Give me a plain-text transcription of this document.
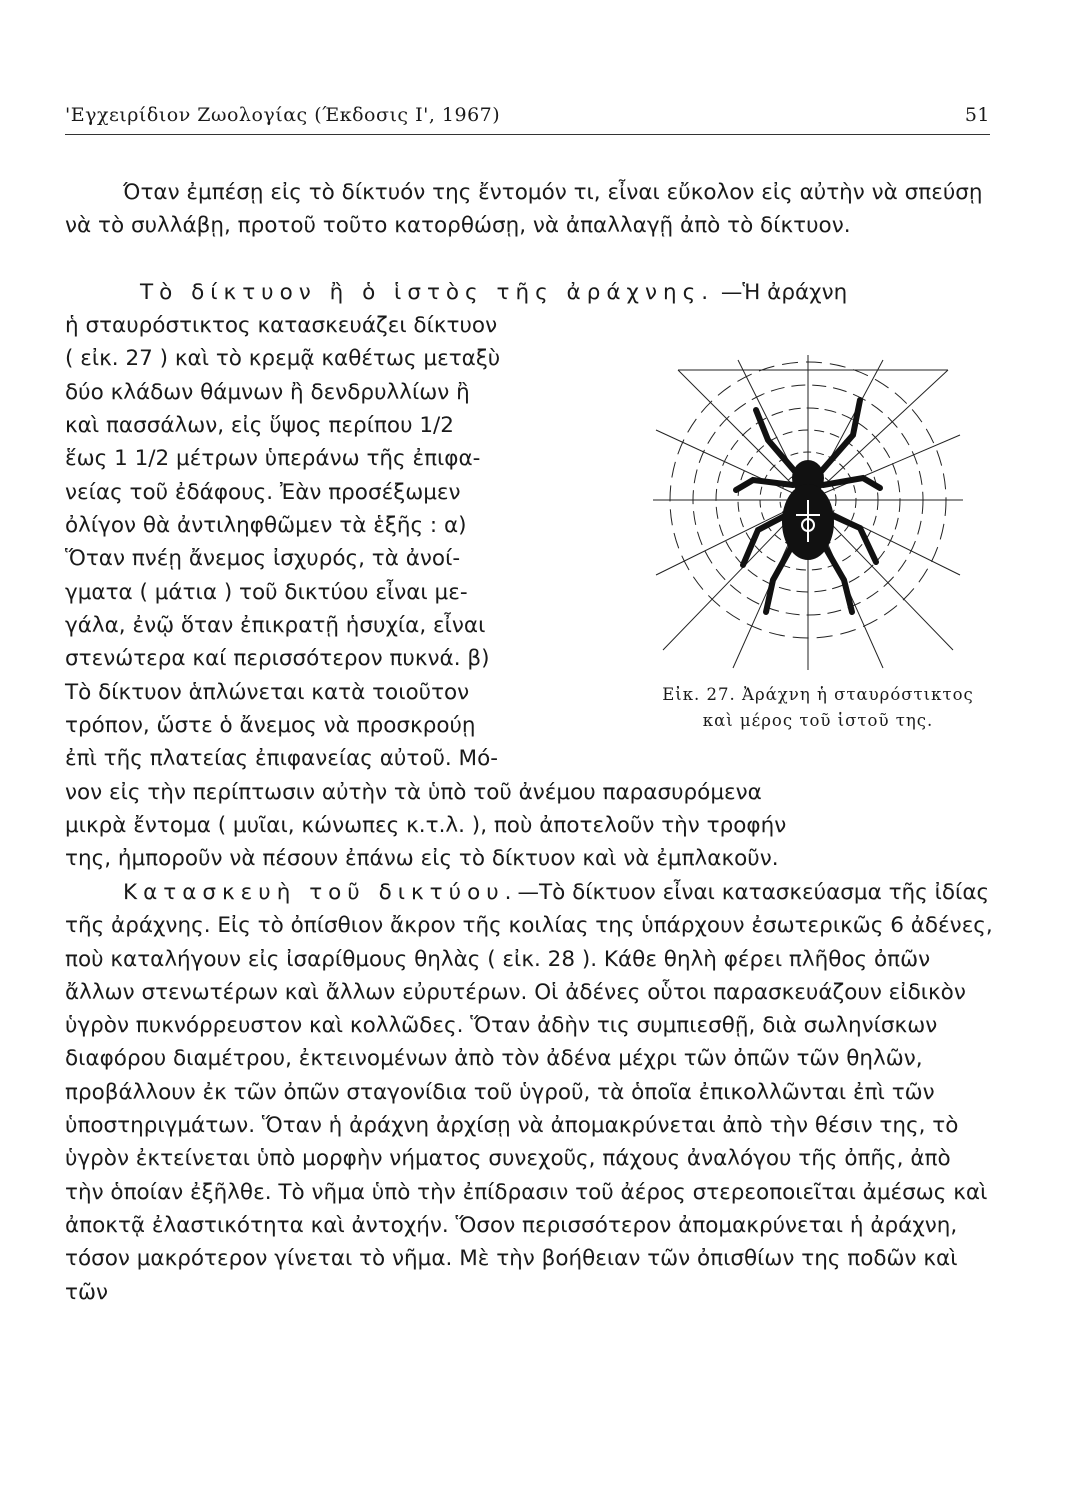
'Εγχειρίδιον Ζωολογίας (Έκδοσις Ι', 1967)	51

Όταν ἐμπέσῃ εἰς τὸ δίκτυόν της ἔντομόν τι, εἶναι εὔκολον εἰς αὐτὴν νὰ σπεύσῃ νὰ τὸ συλλάβῃ, προτοῦ τοῦτο κατορθώσῃ, νὰ ἀπαλλαγῇ ἀπὸ τὸ δίκτυον.

Τὸ δίκτυον ἢ ὁ ἱστὸς τῆς ἀράχνης. —Ἡ ἀράχνη
ἡ σταυρόστικτος κατασκευάζει δίκτυον
( εἰκ. 27 ) καὶ τὸ κρεμᾷ καθέτως μεταξὺ
δύο κλάδων θάμνων ἢ δενδρυλλίων ἢ
καὶ πασσάλων, εἰς ὕψος περίπου 1/2
ἕως 1 1/2 μέτρων ὑπεράνω τῆς ἐπιφα-
νείας τοῦ ἐδάφους. Ἐὰν προσέξωμεν
ὀλίγον θὰ ἀντιληφθῶμεν τὰ ἑξῆς : α)
Ὅταν πνέῃ ἄνεμος ἰσχυρός, τὰ ἀνοί-
γματα ( μάτια ) τοῦ δικτύου εἶναι με-
γάλα, ἐνῷ ὅταν ἐπικρατῇ ἡσυχία, εἶναι
στενώτερα καί περισσότερον πυκνά. β)
Τὸ δίκτυον ἁπλώνεται κατὰ τοιοῦτον
τρόπον, ὥστε ὁ ἄνεμος νὰ προσκρούῃ
ἐπὶ τῆς πλατείας ἐπιφανείας αὐτοῦ. Μό-
νον εἰς τὴν περίπτωσιν αὐτὴν τὰ ὑπὸ τοῦ ἀνέμου παρασυρόμενα
μικρὰ ἔντομα ( μυῖαι, κώνωπες κ.τ.λ. ), ποὺ ἀποτελοῦν τὴν τροφήν
της, ἠμποροῦν νὰ πέσουν ἐπάνω εἰς τὸ δίκτυον καὶ νὰ ἐμπλακοῦν.

Κατασκευὴ τοῦ δικτύου.—Τὸ δίκτυον εἶναι κατασκεύασμα τῆς ἰδίας τῆς ἀράχνης. Εἰς τὸ ὀπίσθιον ἄκρον τῆς κοιλίας της ὑπάρχουν ἐσωτερικῶς 6 ἀδένες, ποὺ καταλήγουν εἰς ἰσαρίθμους θηλὰς ( εἰκ. 28 ). Κάθε θηλὴ φέρει πλῆθος ὀπῶν ἄλλων στενωτέρων καὶ ἄλλων εὐρυτέρων. Οἱ ἀδένες οὗτοι παρασκευάζουν εἰδικὸν ὑγρὸν πυκνόρρευστον καὶ κολλῶδες. Ὅταν ἀδὴν τις συμπιεσθῇ, διὰ σωληνίσκων διαφόρου διαμέτρου, ἐκτεινομένων ἀπὸ τὸν ἀδένα μέχρι τῶν ὀπῶν τῶν θηλῶν, προβάλλουν ἐκ τῶν ὀπῶν σταγονίδια τοῦ ὑγροῦ, τὰ ὁποῖα ἐπικολλῶνται ἐπὶ τῶν ὑποστηριγμάτων. Ὅταν ἡ ἀράχνη ἀρχίσῃ νὰ ἀπομακρύνεται ἀπὸ τὴν θέσιν της, τὸ ὑγρὸν ἐκτείνεται ὑπὸ μορφὴν νήματος συνεχοῦς, πάχους ἀναλόγου τῆς ὀπῆς, ἀπὸ τὴν ὁποίαν ἐξῆλθε. Τὸ νῆμα ὑπὸ τὴν ἐπίδρασιν τοῦ ἀέρος στερεοποιεῖται ἀμέσως καὶ ἀποκτᾷ ἐλαστικότητα καὶ ἀντοχήν. Ὅσον περισσότερον ἀπομακρύνεται ἡ ἀράχνη, τόσον μακρότερον γίνεται τὸ νῆμα. Μὲ τὴν βοήθειαν τῶν ὀπισθίων της ποδῶν καὶ τῶν

Εἰκ. 27. Ἀράχνη ἡ σταυρόστικτος καὶ μέρος τοῦ ἱστοῦ της.
